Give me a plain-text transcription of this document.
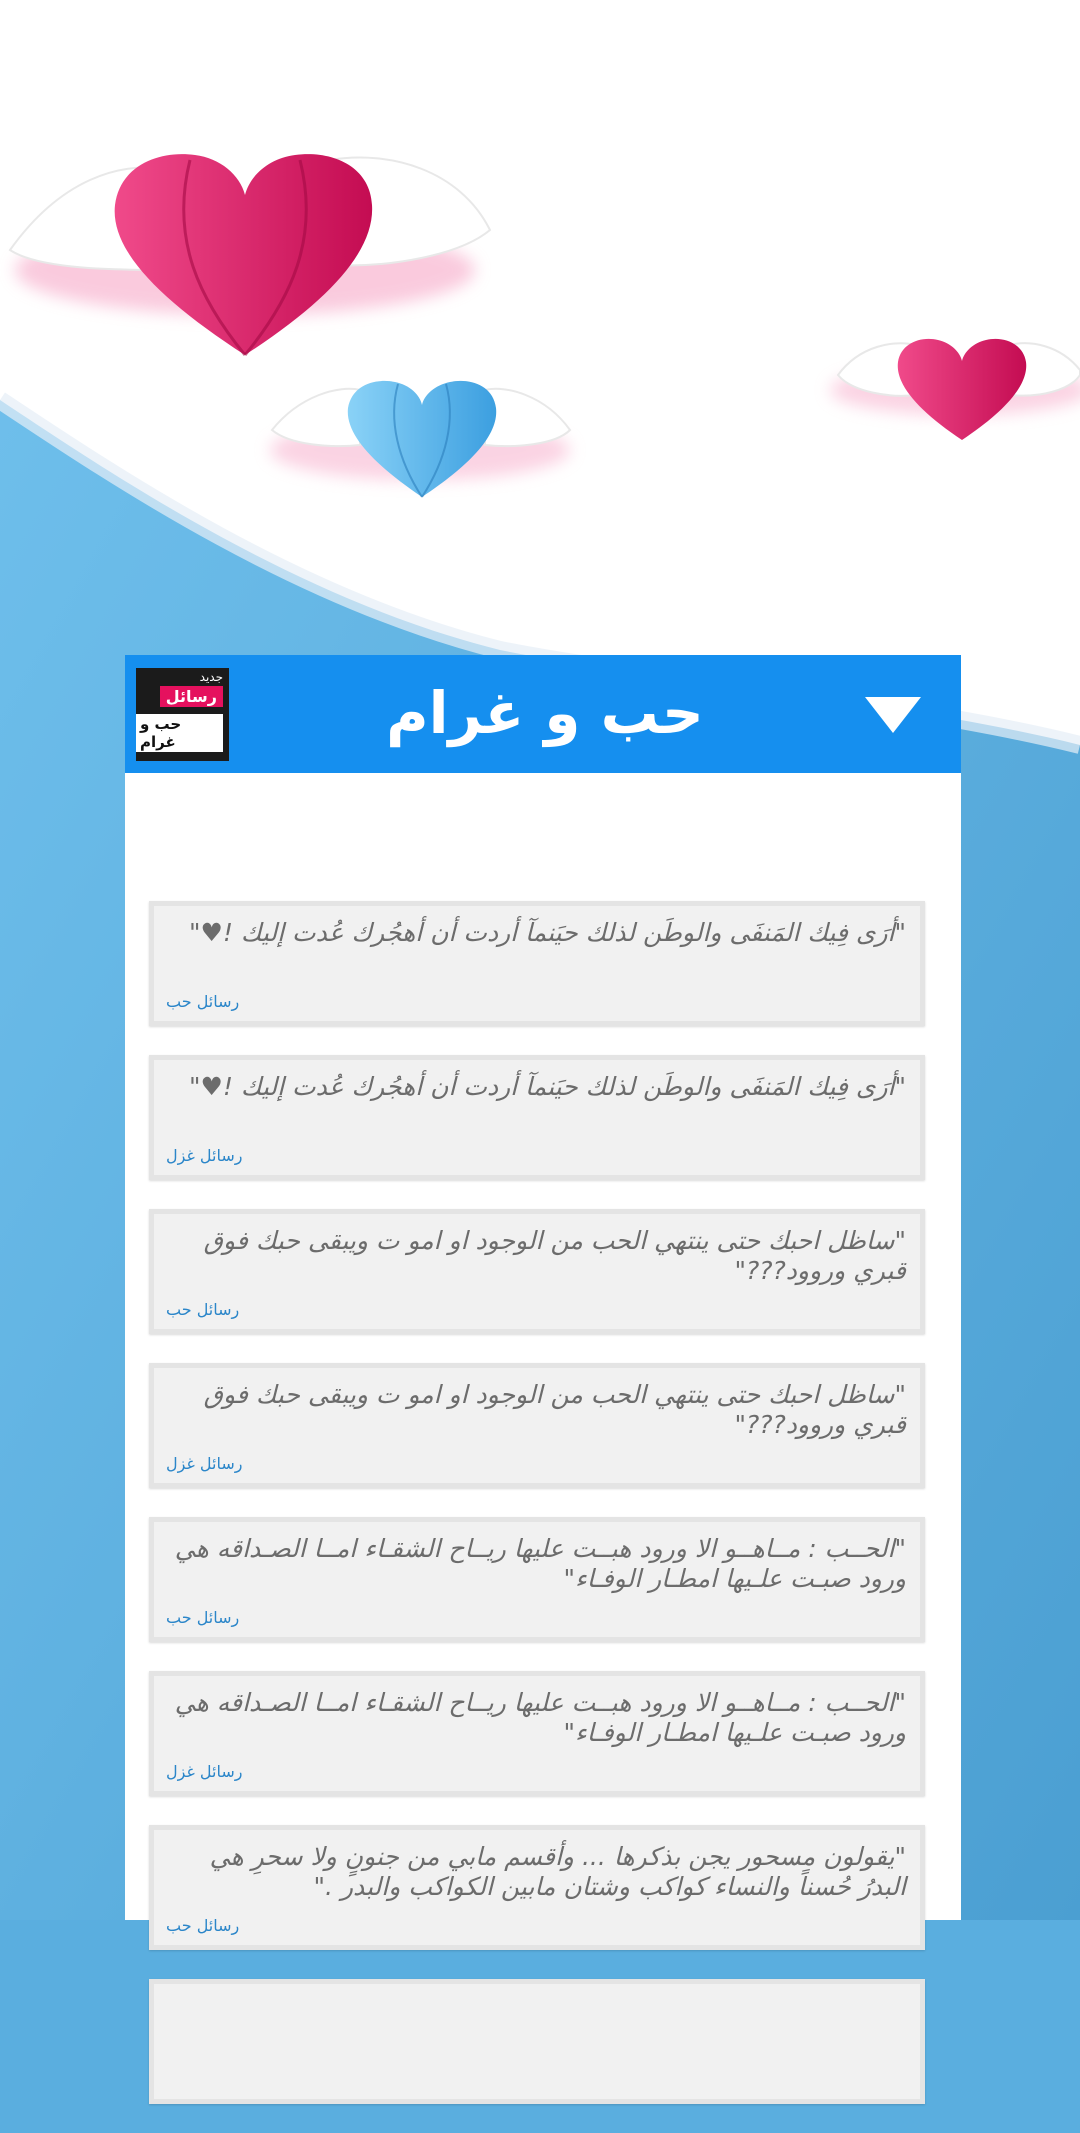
جديد
رسائل
حب و غرام	حب و غرام
"أرَى فِيك المَنفَى والوطَن لذلك حيَنمآ أردت أن أهجُرك عُدت إليك !♥"
رسائل حب
"أرَى فِيك المَنفَى والوطَن لذلك حيَنمآ أردت أن أهجُرك عُدت إليك !♥"
رسائل غزل
"ساظل احبك حتى ينتهي الحب من الوجود او امو ت ويبقى حبك فوق قبري وروود???"
رسائل حب
"ساظل احبك حتى ينتهي الحب من الوجود او امو ت ويبقى حبك فوق قبري وروود???"
رسائل غزل
"الحــب : مــاهــو الا ورود هبــت عليها ريــاح الشقـاء امــا الصـداقه هي ورود صبـت علـيها امطـار الوفـاء"
رسائل حب
"الحــب : مــاهــو الا ورود هبــت عليها ريــاح الشقـاء امــا الصـداقه هي ورود صبـت علـيها امطـار الوفـاء"
رسائل غزل
"يقولون مسحور يجن بذكرها ... وأقسم مابي من جنونٍ ولا سحرِ هي البدرُ حُسناً والنساء كواكب وشتان مابين الكواكب والبدر ."
رسائل حب
